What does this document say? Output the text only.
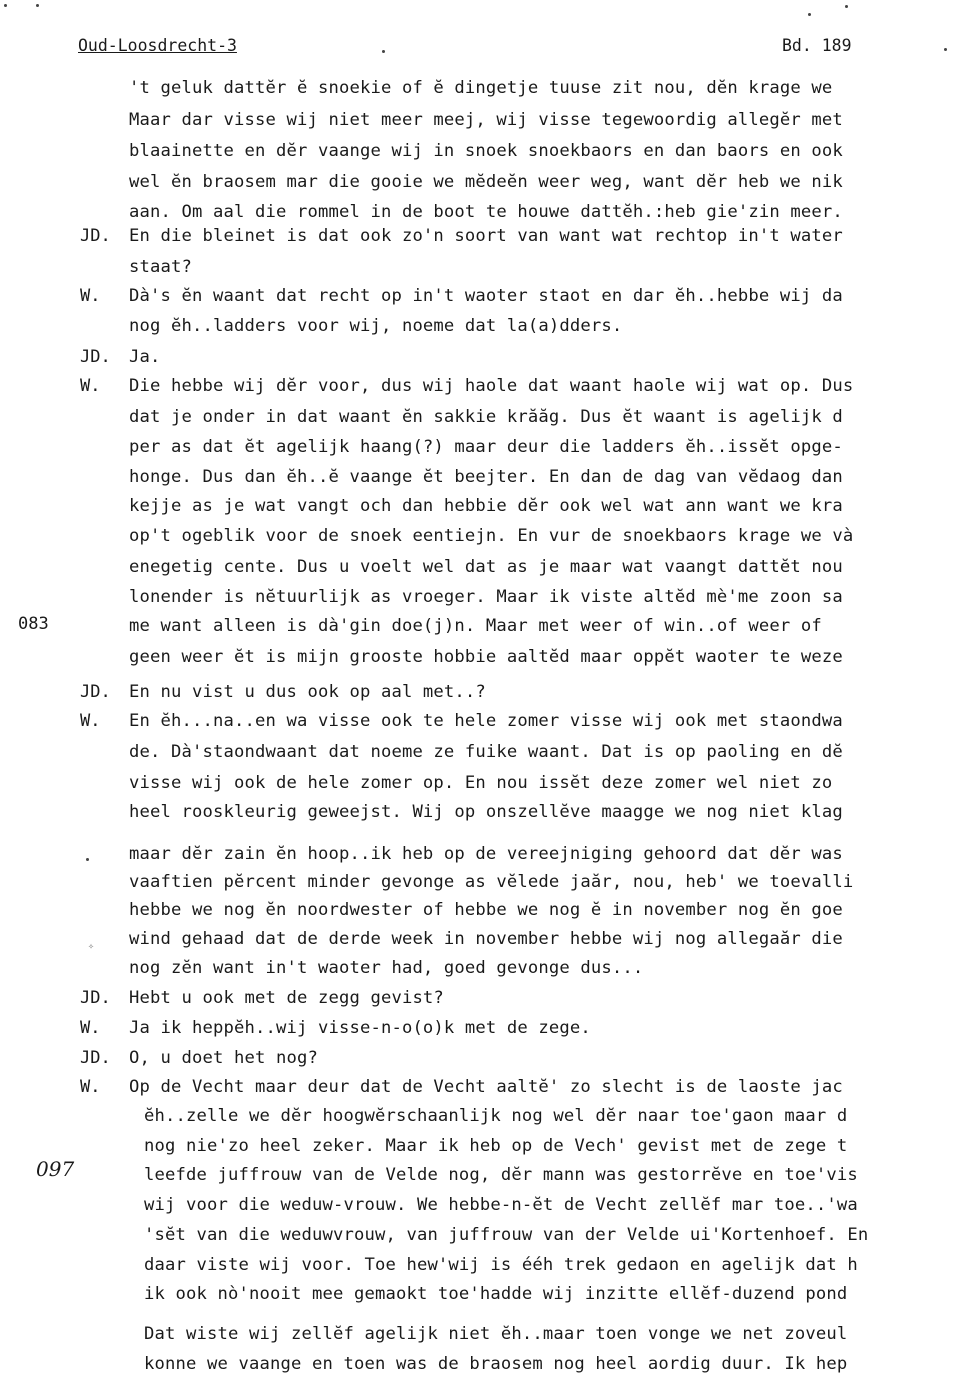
Oud-Loosdrecht-3	Bd. 189
083
097
JD.
W.
JD.
W.
JD.
W.
JD.
W.
JD.
W.
't geluk dattĕr ĕ snoekie of ĕ dingetje tuuse zit nou, dĕn krage we
Maar dar visse wij niet meer meej, wij visse tegewoordig allegĕr met
blaainette en dĕr vaange wij in snoek snoekbaors en dan baors en ook
wel ĕn braosem mar die gooie we mĕdeĕn weer weg, want dĕr heb we nik
aan. Om aal die rommel in de boot te houwe dattĕh.:heb gie'zin meer.
En die bleinet is dat ook zo'n soort van want wat rechtop in't water
staat?
Dà's ĕn waant dat recht op in't waoter staot en dar ĕh..hebbe wij da
nog ĕh..ladders voor wij, noeme dat la(a)dders.
Ja.
Die hebbe wij dĕr voor, dus wij haole dat waant haole wij wat op. Dus
dat je onder in dat waant ĕn sakkie krăăg. Dus ĕt waant is agelijk d
per as dat ĕt agelijk haang(?) maar deur die ladders ĕh..issĕt opge-
honge. Dus dan ĕh..ĕ vaange ĕt beejter. En dan de dag van vĕdaog dan
kejje as je wat vangt och dan hebbie dĕr ook wel wat ann want we kra
op't ogeblik voor de snoek eentiejn. En vur de snoekbaors krage we và
enegetig cente. Dus u voelt wel dat as je maar wat vaangt dattĕt nou
lonender is nĕtuurlijk as vroeger. Maar ik viste altĕd mè'me zoon sa
me want alleen is dà'gin doe(j)n. Maar met weer of win..of weer of
geen weer ĕt is mijn grooste hobbie aaltĕd maar oppĕt waoter te weze
En nu vist u dus ook op aal met..?
En ĕh...na..en wa visse ook te hele zomer visse wij ook met staondwa
de. Dà'staondwaant dat noeme ze fuike waant. Dat is op paoling en dĕ
visse wij ook de hele zomer op. En nou issĕt deze zomer wel niet zo
heel rooskleurig geweejst. Wij op onszellĕve maagge we nog niet klag
maar dĕr zain ĕn hoop..ik heb op de vereejniging gehoord dat dĕr was
vaaftien pĕrcent minder gevonge as vĕlede jaăr, nou, heb' we toevalli
hebbe we nog ĕn noordwester of hebbe we nog ĕ in november nog ĕn goe
wind gehaad dat de derde week in november hebbe wij nog allegaăr die
nog zĕn want in't waoter had, goed gevonge dus...
Hebt u ook met de zegg gevist?
Ja ik heppĕh..wij visse-n-o(o)k met de zege.
O, u doet het nog?
Op de Vecht maar deur dat de Vecht aaltĕ' zo slecht is de laoste jac
ĕh..zelle we dĕr hoogwĕrschaanlijk nog wel dĕr naar toe'gaon maar d
nog nie'zo heel zeker. Maar ik heb op de Vech' gevist met de zege t
leefde juffrouw van de Velde nog, dĕr mann was gestorrĕve en toe'vis
wij voor die weduw-vrouw. We hebbe-n-ĕt de Vecht zellĕf mar toe..'wa
'sĕt van die weduwvrouw, van juffrouw van der Velde ui'Kortenhoef. En
daar viste wij voor. Toe hew'wij is ééh trek gedaon en agelijk dat h
ik ook nò'nooit mee gemaokt toe'hadde wij inzitte ellĕf-duzend pond
Dat wiste wij zellĕf agelijk niet ĕh..maar toen vonge we net zoveul
konne we vaange en toen was de braosem nog heel aordig duur. Ik hep
✧
